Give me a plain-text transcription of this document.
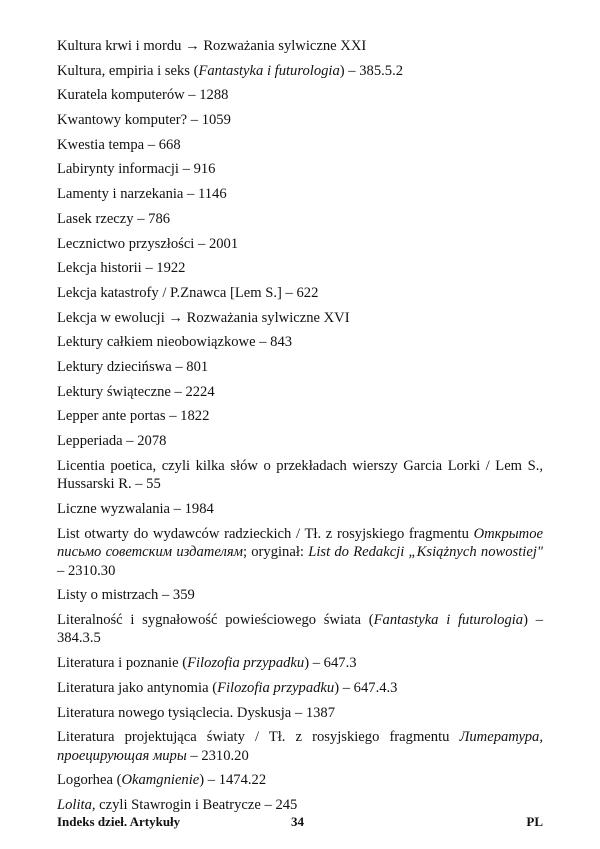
Kultura krwi i mordu → Rozważania sylwiczne XXI
Kultura, empiria i seks (Fantastyka i futurologia) – 385.5.2
Kuratela komputerów – 1288
Kwantowy komputer? – 1059
Kwestia tempa – 668
Labirynty informacji – 916
Lamenty i narzekania – 1146
Lasek rzeczy – 786
Lecznictwo przyszłości – 2001
Lekcja historii – 1922
Lekcja katastrofy / P.Znawca [Lem S.] – 622
Lekcja w ewolucji → Rozważania sylwiczne XVI
Lektury całkiem nieobowiązkowe – 843
Lektury dziecińswa – 801
Lektury świąteczne – 2224
Lepper ante portas – 1822
Lepperiada – 2078
Licentia poetica, czyli kilka słów o przekładach wierszy Garcia Lorki / Lem S., Hussarski R. – 55
Liczne wyzwalania – 1984
List otwarty do wydawców radzieckich / Tł. z rosyjskiego fragmentu Открытое письмо советским издателям; oryginał: List do Redakcji „Książnych nowostiej" – 2310.30
Listy o mistrzach – 359
Literalność i sygnałowość powieściowego świata (Fantastyka i futurologia) – 384.3.5
Literatura i poznanie (Filozofia przypadku) – 647.3
Literatura jako antynomia (Filozofia przypadku) – 647.4.3
Literatura nowego tysiąclecia. Dyskusja – 1387
Literatura projektująca światy / Tł. z rosyjskiego fragmentu Литература, проецирующая миры – 2310.20
Logorhea (Okamgnienie) – 1474.22
Lolita, czyli Stawrogin i Beatrycze – 245
Indeks dzieł. Artykuły	34	PL
